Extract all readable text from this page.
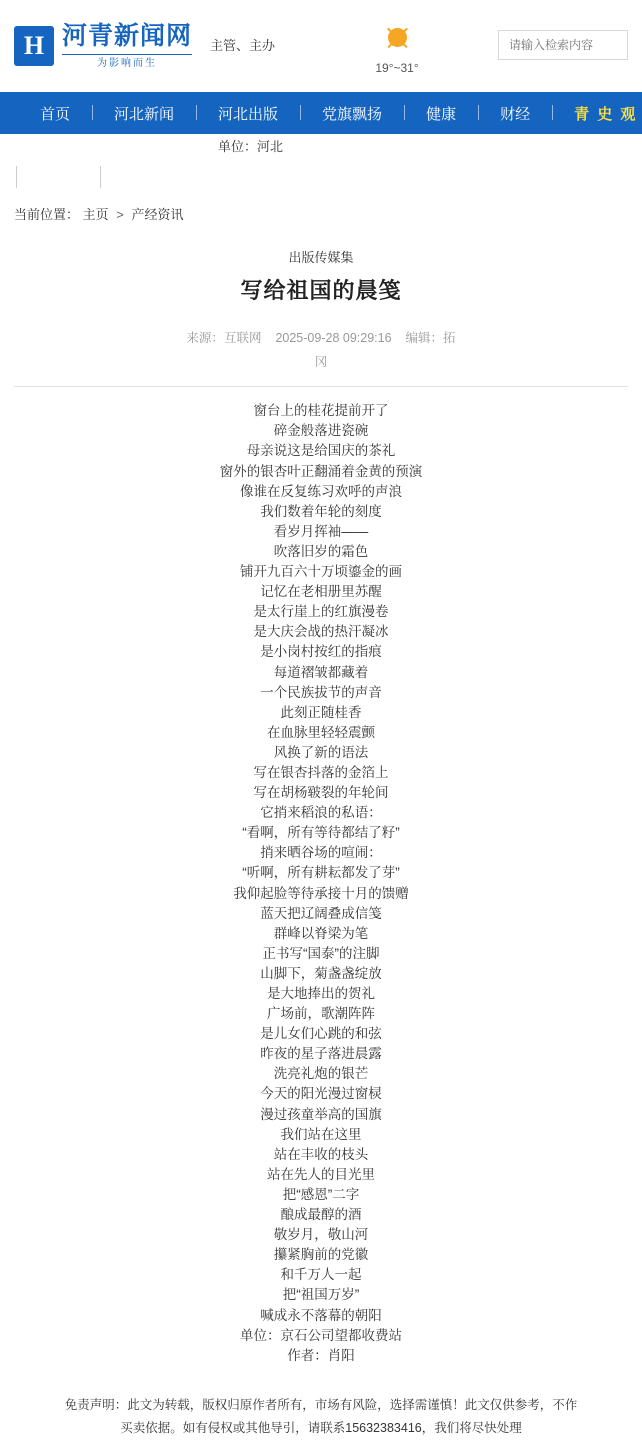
H 河青新闻网
为影响而生
主管、主办
19°~31°
请输入检索内容
首页	河北新闻	河北出版	党旗飘扬	健康	财经	青 史 观
单位：河北
当前位置： 主页 > 产经资讯
出版传媒集
写给祖国的晨笺
来源：互联网 2025-09-28 09:29:16 编辑：拓
冈
窗台上的桂花提前开了
碎金般落进瓷碗
母亲说这是给国庆的茶礼
窗外的银杏叶正翻涌着金黄的预演
像谁在反复练习欢呼的声浪
我们数着年轮的刻度
看岁月挥袖——
吹落旧岁的霜色
铺开九百六十万顷鎏金的画
记忆在老相册里苏醒
是太行崖上的红旗漫卷
是大庆会战的热汗凝冰
是小岗村按红的指痕
每道褶皱都藏着
一个民族拔节的声音
此刻正随桂香
在血脉里轻轻震颤
风换了新的语法
写在银杏抖落的金箔上
写在胡杨皲裂的年轮间
它捎来稻浪的私语：
“看啊，所有等待都结了籽”
捎来晒谷场的喧闹：
“听啊，所有耕耘都发了芽”
我仰起脸等待承接十月的馈赠
蓝天把辽阔叠成信笺
群峰以脊梁为笔
正书写“国泰”的注脚
山脚下，菊盏盏绽放
是大地捧出的贺礼
广场前，歌潮阵阵
是儿女们心跳的和弦
昨夜的星子落进晨露
洗亮礼炮的银芒
今天的阳光漫过窗棂
漫过孩童举高的国旗
我们站在这里
站在丰收的枝头
站在先人的目光里
把“感恩”二字
酿成最醇的酒
敬岁月，敬山河
攥紧胸前的党徽
和千万人一起
把“祖国万岁”
喊成永不落幕的朝阳
单位：京石公司望都收费站
作者：肖阳
免责声明：此文为转载，版权归原作者所有，市场有风险，选择需谨慎！此文仅供参考，不作
买卖依据。如有侵权或其他导引，请联系15632383416，我们将尽快处理
